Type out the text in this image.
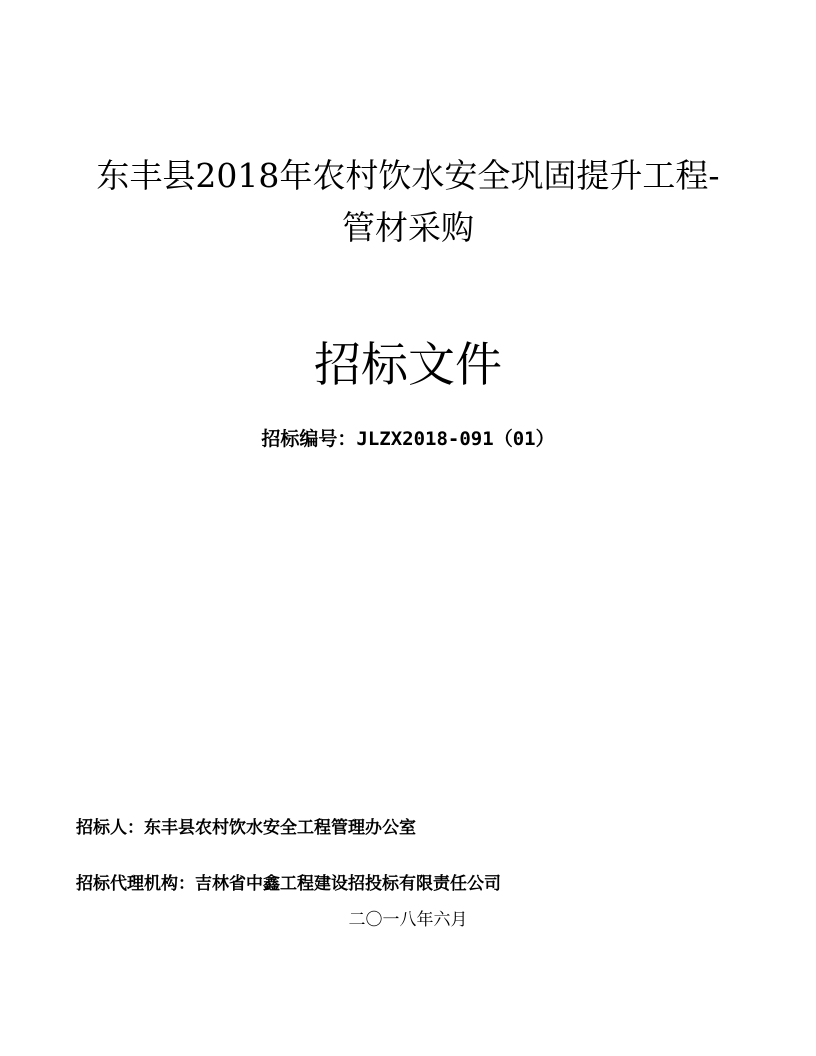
东丰县2018年农村饮水安全巩固提升工程-
管材采购
招标文件
招标编号：JLZX2018-091（01）
招标人：东丰县农村饮水安全工程管理办公室
招标代理机构：吉林省中鑫工程建设招投标有限责任公司
二〇一八年六月
